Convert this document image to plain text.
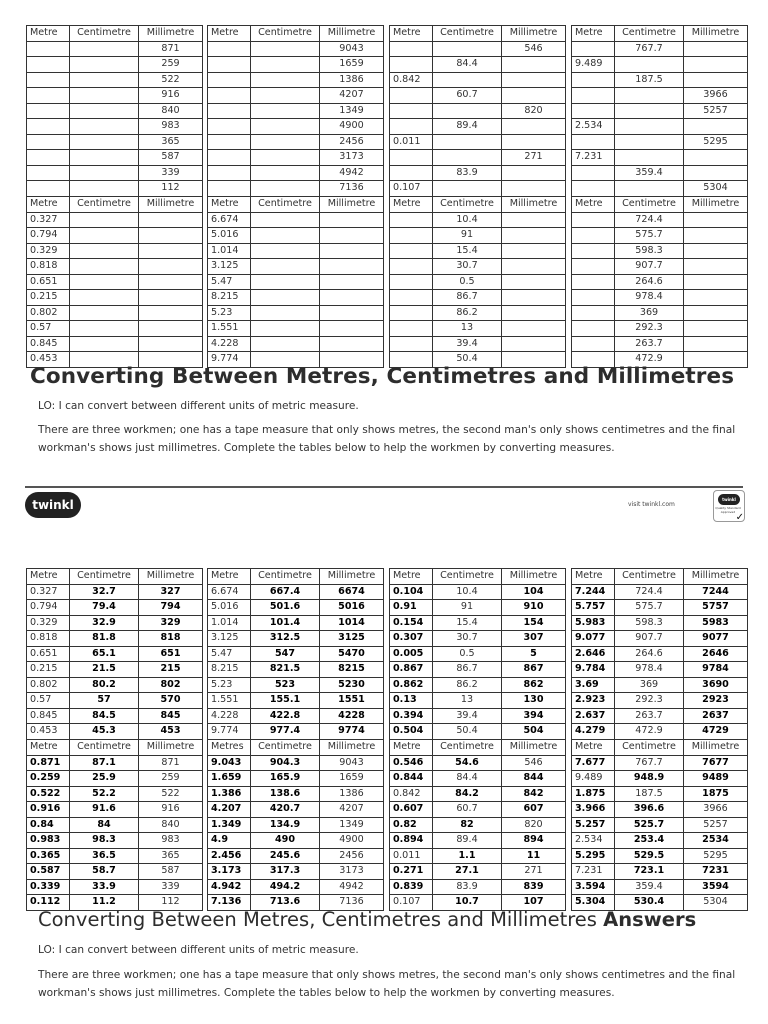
Metre	Centimetre	Millimetre
		871
		259
		522
		916
		840
		983
		365
		587
		339
		112
Metre	Centimetre	Millimetre
		9043
		1659
		1386
		4207
		1349
		4900
		2456
		3173
		4942
		7136
Metre	Centimetre	Millimetre
		546
	84.4	
0.842		
	60.7	
		820
	89.4	
0.011		
		271
	83.9	
0.107		
Metre	Centimetre	Millimetre
	767.7	
9.489		
	187.5	
		3966
		5257
2.534		
		5295
7.231		
	359.4	
		5304
Metre	Centimetre	Millimetre
0.327		
0.794		
0.329		
0.818		
0.651		
0.215		
0.802		
0.57		
0.845		
0.453		
Metre	Centimetre	Millimetre
6.674		
5.016		
1.014		
3.125		
5.47		
8.215		
5.23		
1.551		
4.228		
9.774		
Metre	Centimetre	Millimetre
	10.4	
	91	
	15.4	
	30.7	
	0.5	
	86.7	
	86.2	
	13	
	39.4	
	50.4	
Metre	Centimetre	Millimetre
	724.4	
	575.7	
	598.3	
	907.7	
	264.6	
	978.4	
	369	
	292.3	
	263.7	
	472.9	
Converting Between Metres, Centimetres and Millimetres

LO: I can convert between different units of metric measure.

There are three workmen; one has a tape measure that only shows metres, the second man's only shows centimetres and the final workman's shows just millimetres. Complete the tables below to help the workmen by converting measures.

twinkl	visit twinkl.com
twinkl
Quality Standard Approved
✓
Metre	Centimetre	Millimetre
0.327	32.7	327
0.794	79.4	794
0.329	32.9	329
0.818	81.8	818
0.651	65.1	651
0.215	21.5	215
0.802	80.2	802
0.57	57	570
0.845	84.5	845
0.453	45.3	453
Metre	Centimetre	Millimetre
6.674	667.4	6674
5.016	501.6	5016
1.014	101.4	1014
3.125	312.5	3125
5.47	547	5470
8.215	821.5	8215
5.23	523	5230
1.551	155.1	1551
4.228	422.8	4228
9.774	977.4	9774
Metre	Centimetre	Millimetre
0.104	10.4	104
0.91	91	910
0.154	15.4	154
0.307	30.7	307
0.005	0.5	5
0.867	86.7	867
0.862	86.2	862
0.13	13	130
0.394	39.4	394
0.504	50.4	504
Metre	Centimetre	Millimetre
7.244	724.4	7244
5.757	575.7	5757
5.983	598.3	5983
9.077	907.7	9077
2.646	264.6	2646
9.784	978.4	9784
3.69	369	3690
2.923	292.3	2923
2.637	263.7	2637
4.279	472.9	4729
Metre	Centimetre	Millimetre
0.871	87.1	871
0.259	25.9	259
0.522	52.2	522
0.916	91.6	916
0.84	84	840
0.983	98.3	983
0.365	36.5	365
0.587	58.7	587
0.339	33.9	339
0.112	11.2	112
Metres	Centimetre	Millimetre
9.043	904.3	9043
1.659	165.9	1659
1.386	138.6	1386
4.207	420.7	4207
1.349	134.9	1349
4.9	490	4900
2.456	245.6	2456
3.173	317.3	3173
4.942	494.2	4942
7.136	713.6	7136
Metre	Centimetre	Millimetre
0.546	54.6	546
0.844	84.4	844
0.842	84.2	842
0.607	60.7	607
0.82	82	820
0.894	89.4	894
0.011	1.1	11
0.271	27.1	271
0.839	83.9	839
0.107	10.7	107
Metre	Centimetre	Millimetre
7.677	767.7	7677
9.489	948.9	9489
1.875	187.5	1875
3.966	396.6	3966
5.257	525.7	5257
2.534	253.4	2534
5.295	529.5	5295
7.231	723.1	7231
3.594	359.4	3594
5.304	530.4	5304
Converting Between Metres, Centimetres and Millimetres Answers

LO: I can convert between different units of metric measure.

There are three workmen; one has a tape measure that only shows metres, the second man's only shows centimetres and the final workman's shows just millimetres. Complete the tables below to help the workmen by converting measures.
